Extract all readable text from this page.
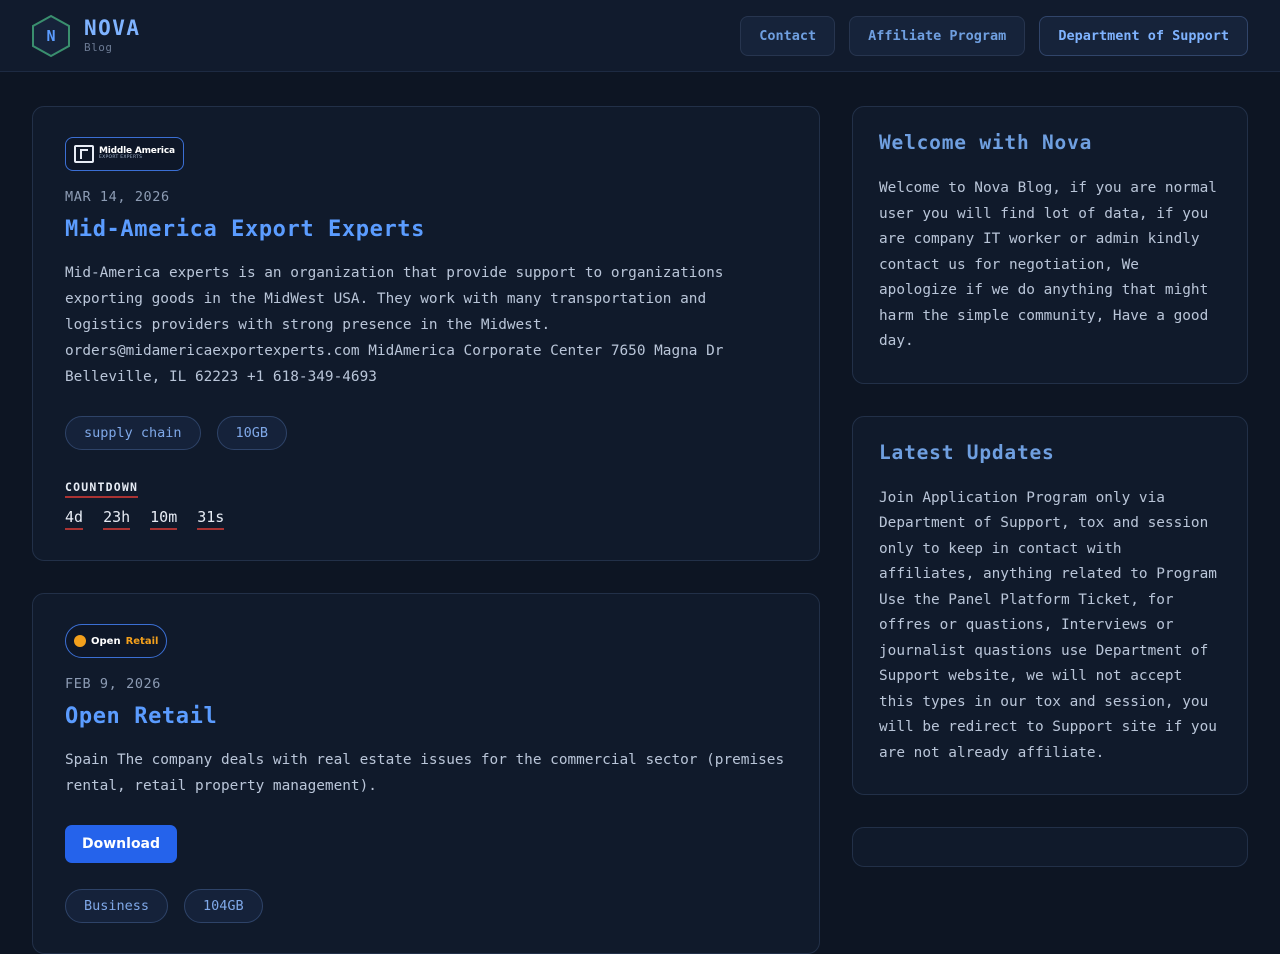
N NOVA
Blog
Contact	Affiliate Program	Department of Support
Middle America
EXPORT EXPERTS
MAR 14, 2026
Mid-America Export Experts
Mid-America experts is an organization that provide support to organizations exporting goods in the MidWest USA. They work with many transportation and logistics providers with strong presence in the Midwest. orders@midamericaexportexperts.com MidAmerica Corporate Center 7650 Magna Dr Belleville, IL 62223 +1 618-349-4693
supply chain	10GB
COUNTDOWN
4d 23h 10m 31s
Open Retail
FEB 9, 2026
Open Retail
Spain The company deals with real estate issues for the commercial sector (premises rental, retail property management).
Download
Business	104GB
Welcome with Nova
Welcome to Nova Blog, if you are normal user you will find lot of data, if you are company IT worker or admin kindly contact us for negotiation, We apologize if we do anything that might harm the simple community, Have a good day.
Latest Updates
Join Application Program only via Department of Support, tox and session only to keep in contact with affiliates, anything related to Program Use the Panel Platform Ticket, for offres or quastions, Interviews or journalist quastions use Department of Support website, we will not accept this types in our tox and session, you will be redirect to Support site if you are not already affiliate.
